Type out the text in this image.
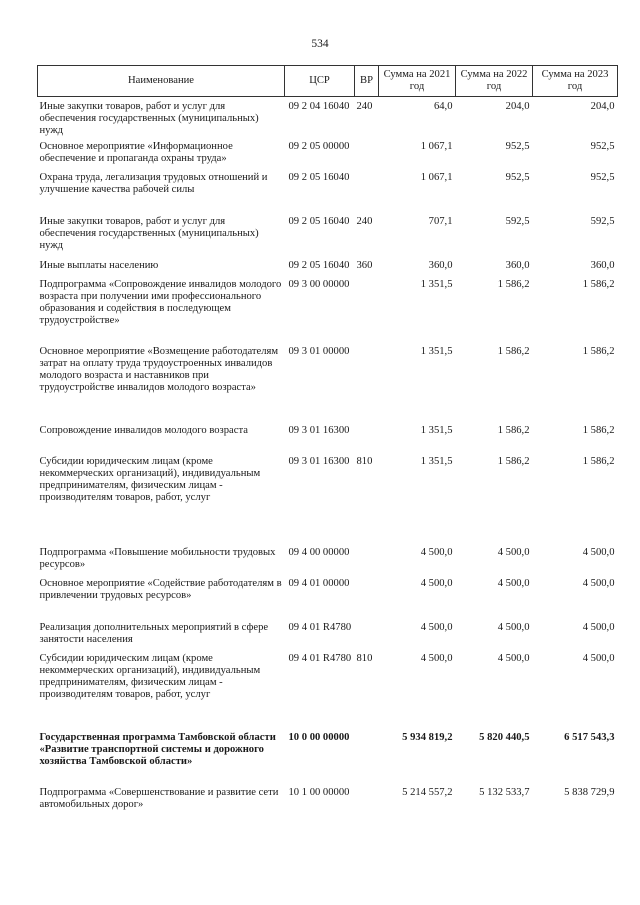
534
Наименование	ЦСР	ВР	Сумма на 2021 год	Сумма на 2022 год	Сумма на 2023 год
Иные закупки товаров, работ и услуг для обеспечения государственных (муниципальных) нужд	09 2 04 16040	240	64,0	204,0	204,0
Основное мероприятие «Информационное обеспечение и пропаганда охраны труда»	09 2 05 00000		1 067,1	952,5	952,5
Охрана труда, легализация трудовых отношений и улучшение качества рабочей силы	09 2 05 16040		1 067,1	952,5	952,5
Иные закупки товаров, работ и услуг для обеспечения государственных (муниципальных) нужд	09 2 05 16040	240	707,1	592,5	592,5
Иные выплаты населению	09 2 05 16040	360	360,0	360,0	360,0
Подпрограмма «Сопровождение инвалидов молодого возраста при получении ими профессионального образования и содействия в последующем трудоустройстве»	09 3 00 00000		1 351,5	1 586,2	1 586,2
Основное мероприятие «Возмещение работодателям затрат на оплату труда трудоустроенных инвалидов молодого возраста и наставников при трудоустройстве инвалидов молодого возраста»	09 3 01 00000		1 351,5	1 586,2	1 586,2
Сопровождение инвалидов молодого возраста	09 3 01 16300		1 351,5	1 586,2	1 586,2
Субсидии юридическим лицам (кроме некоммерческих организаций), индивидуальным предпринимателям, физическим лицам - производителям товаров, работ, услуг	09 3 01 16300	810	1 351,5	1 586,2	1 586,2
Подпрограмма «Повышение мобильности трудовых ресурсов»	09 4 00 00000		4 500,0	4 500,0	4 500,0
Основное мероприятие «Содействие работодателям в привлечении трудовых ресурсов»	09 4 01 00000		4 500,0	4 500,0	4 500,0
Реализация дополнительных мероприятий в сфере занятости населения	09 4 01 R4780		4 500,0	4 500,0	4 500,0
Субсидии юридическим лицам (кроме некоммерческих организаций), индивидуальным предпринимателям, физическим лицам - производителям товаров, работ, услуг	09 4 01 R4780	810	4 500,0	4 500,0	4 500,0
Государственная программа Тамбовской области «Развитие транспортной системы и дорожного хозяйства Тамбовской области»	10 0 00 00000		5 934 819,2	5 820 440,5	6 517 543,3
Подпрограмма «Совершенствование и развитие сети автомобильных дорог»	10 1 00 00000		5 214 557,2	5 132 533,7	5 838 729,9
